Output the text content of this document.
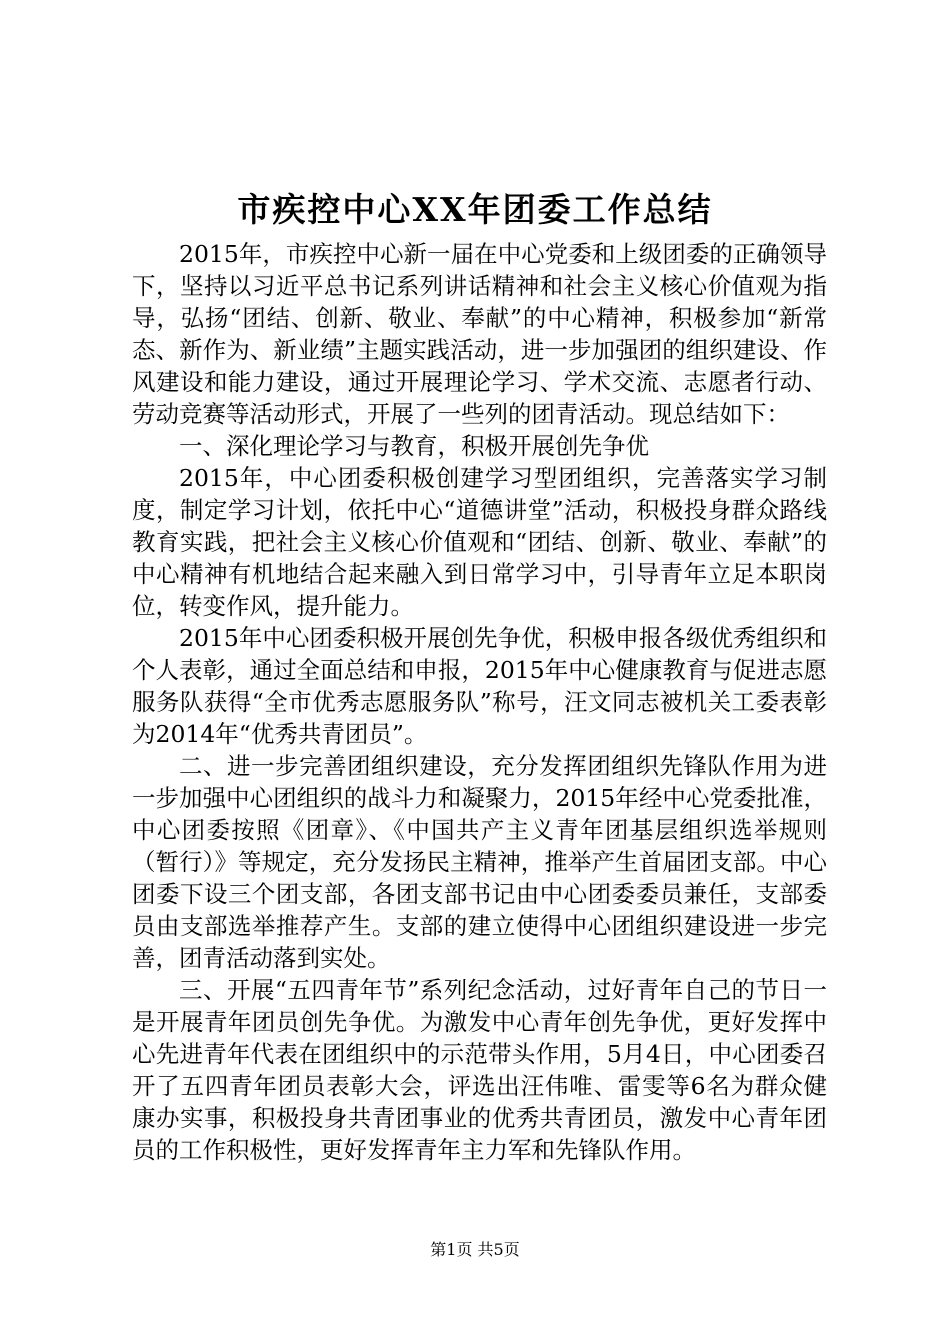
市疾控中心XX年团委工作总结

2015年，市疾控中心新一届在中心党委和上级团委的正确领导下，坚持以习近平总书记系列讲话精神和社会主义核心价值观为指导，弘扬“团结、创新、敬业、奉献”的中心精神，积极参加“新常态、新作为、新业绩”主题实践活动，进一步加强团的组织建设、作风建设和能力建设，通过开展理论学习、学术交流、志愿者行动、劳动竞赛等活动形式，开展了一些列的团青活动。现总结如下：

一、深化理论学习与教育，积极开展创先争优

2015年，中心团委积极创建学习型团组织，完善落实学习制度，制定学习计划，依托中心“道德讲堂”活动，积极投身群众路线教育实践，把社会主义核心价值观和“团结、创新、敬业、奉献”的中心精神有机地结合起来融入到日常学习中，引导青年立足本职岗位，转变作风，提升能力。

2015年中心团委积极开展创先争优，积极申报各级优秀组织和个人表彰，通过全面总结和申报，2015年中心健康教育与促进志愿服务队获得“全市优秀志愿服务队”称号，汪文同志被机关工委表彰为2014年“优秀共青团员”。

二、进一步完善团组织建设，充分发挥团组织先锋队作用为进一步加强中心团组织的战斗力和凝聚力，2015年经中心党委批准，中心团委按照《团章》、《中国共产主义青年团基层组织选举规则（暂行）》等规定，充分发扬民主精神，推举产生首届团支部。中心团委下设三个团支部，各团支部书记由中心团委委员兼任，支部委员由支部选举推荐产生。支部的建立使得中心团组织建设进一步完善，团青活动落到实处。

三、开展“五四青年节”系列纪念活动，过好青年自己的节日一是开展青年团员创先争优。为激发中心青年创先争优，更好发挥中心先进青年代表在团组织中的示范带头作用，5月4日，中心团委召开了五四青年团员表彰大会，评选出汪伟唯、雷雯等6名为群众健康办实事，积极投身共青团事业的优秀共青团员，激发中心青年团员的工作积极性，更好发挥青年主力军和先锋队作用。

第1页 共5页
